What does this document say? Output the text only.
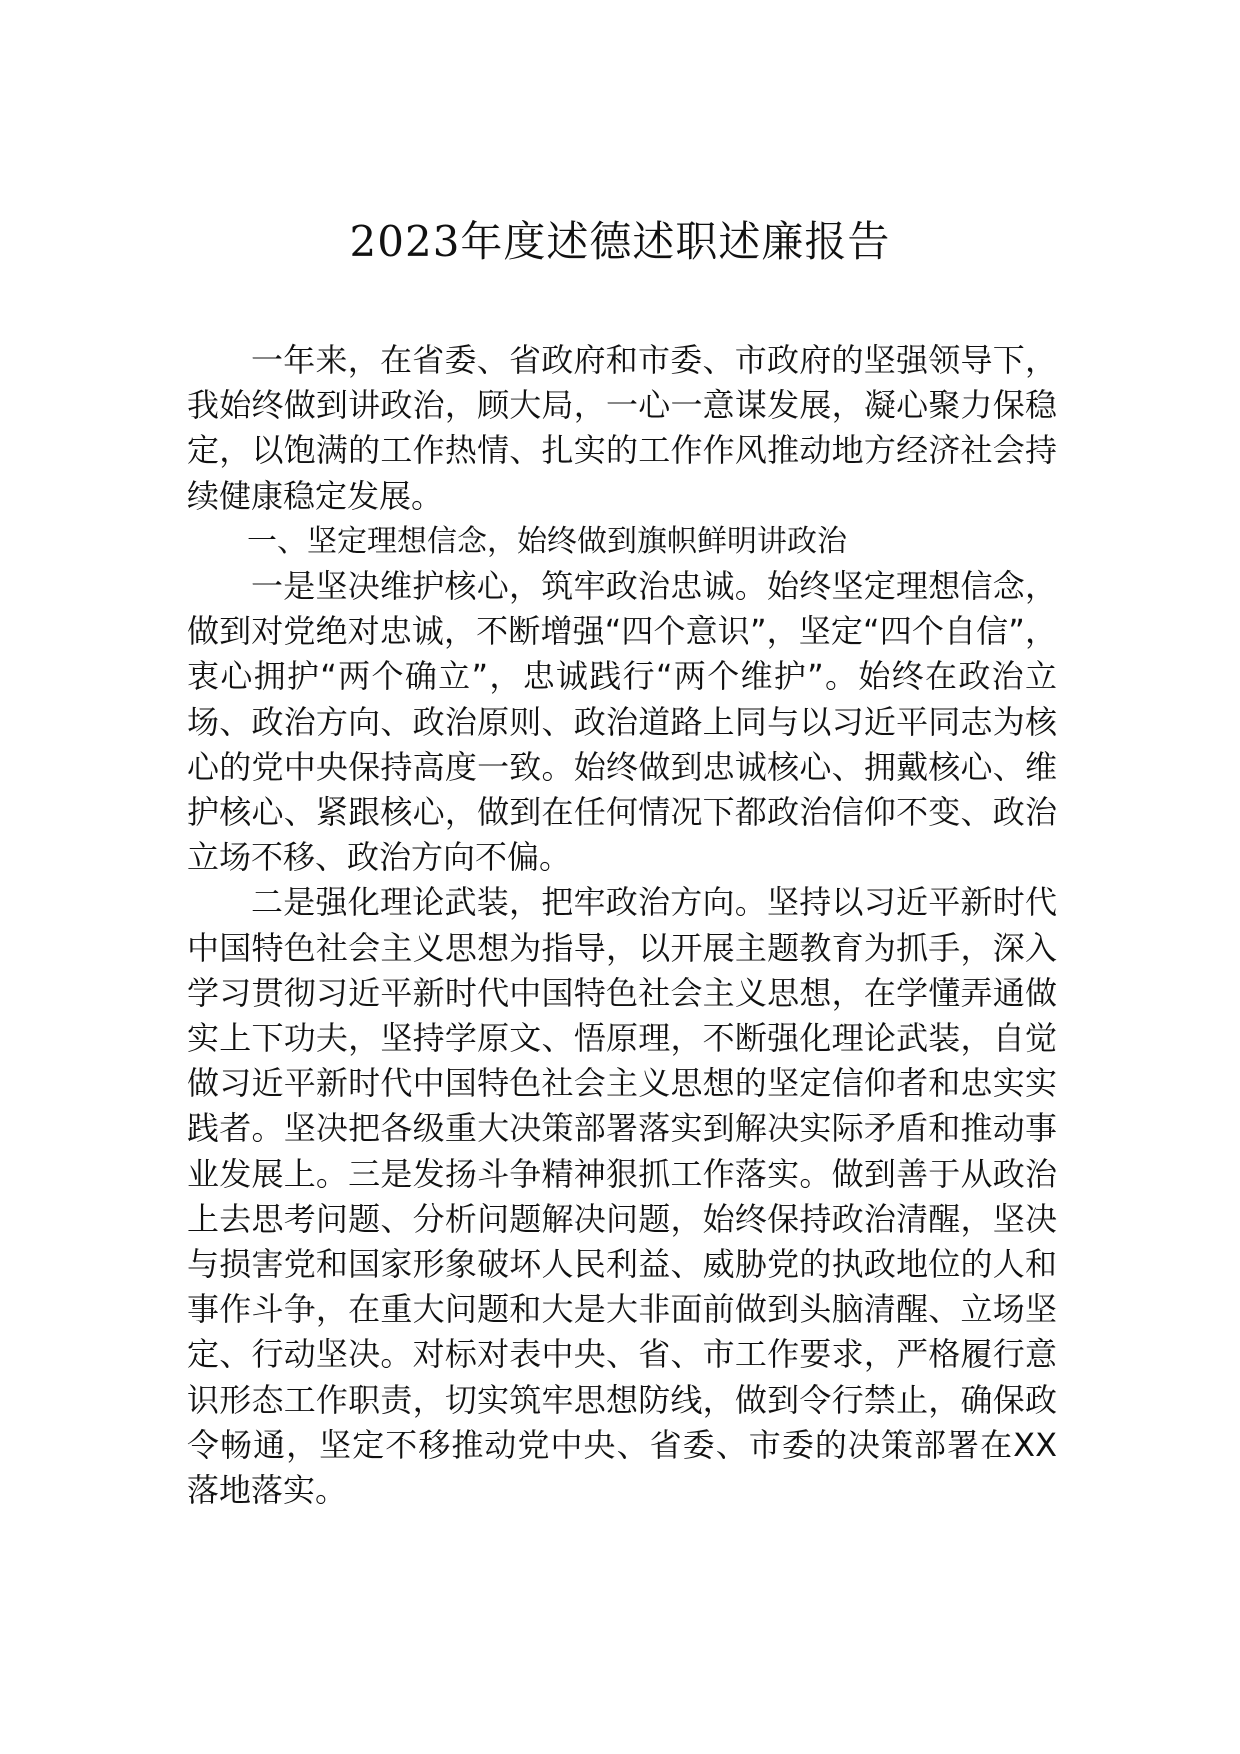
2023年度述德述职述廉报告

一年来，在省委、省政府和市委、市政府的坚强领导下，我始终做到讲政治，顾大局，一心一意谋发展，凝心聚力保稳定，以饱满的工作热情、扎实的工作作风推动地方经济社会持续健康稳定发展。

一、坚定理想信念，始终做到旗帜鲜明讲政治

一是坚决维护核心，筑牢政治忠诚。始终坚定理想信念，做到对党绝对忠诚，不断增强“四个意识”，坚定“四个自信”，衷心拥护“两个确立”，忠诚践行“两个维护”。始终在政治立场、政治方向、政治原则、政治道路上同与以习近平同志为核心的党中央保持高度一致。始终做到忠诚核心、拥戴核心、维护核心、紧跟核心，做到在任何情况下都政治信仰不变、政治立场不移、政治方向不偏。

二是强化理论武装，把牢政治方向。坚持以习近平新时代中国特色社会主义思想为指导，以开展主题教育为抓手，深入学习贯彻习近平新时代中国特色社会主义思想，在学懂弄通做实上下功夫，坚持学原文、悟原理，不断强化理论武装，自觉做习近平新时代中国特色社会主义思想的坚定信仰者和忠实实践者。坚决把各级重大决策部署落实到解决实际矛盾和推动事业发展上。三是发扬斗争精神狠抓工作落实。做到善于从政治上去思考问题、分析问题解决问题，始终保持政治清醒，坚决与损害党和国家形象破坏人民利益、威胁党的执政地位的人和事作斗争，在重大问题和大是大非面前做到头脑清醒、立场坚定、行动坚决。对标对表中央、省、市工作要求，严格履行意识形态工作职责，切实筑牢思想防线，做到令行禁止，确保政令畅通，坚定不移推动党中央、省委、市委的决策部署在XX落地落实。
